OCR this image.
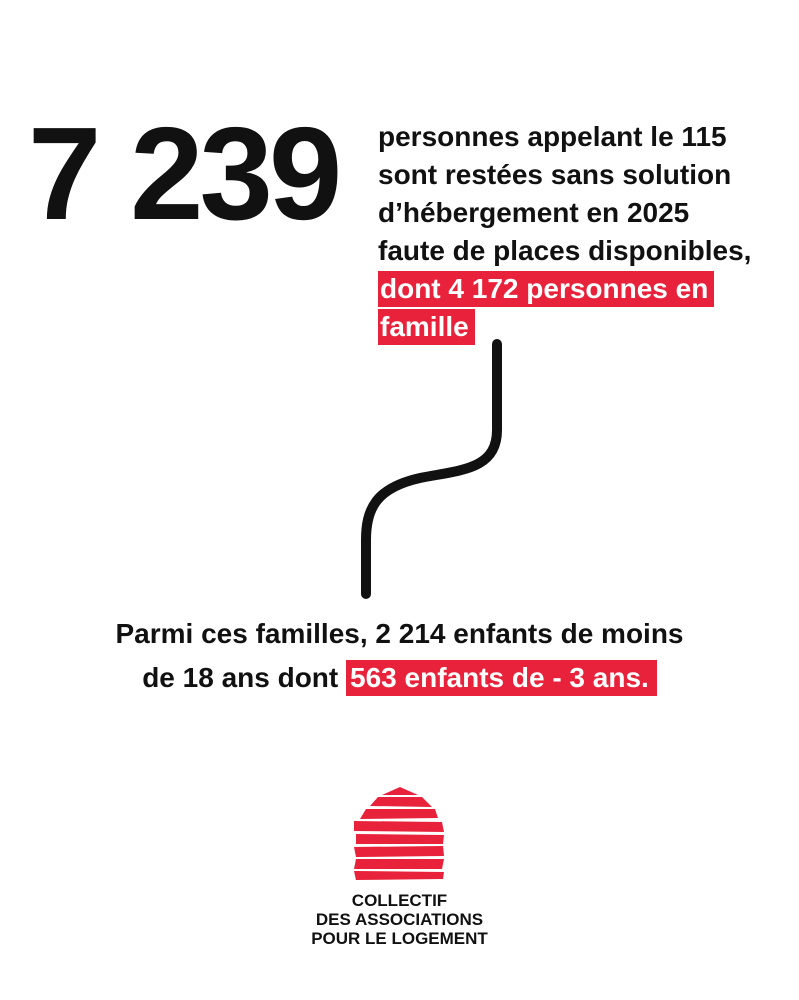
7 239 personnes appelant le 115
sont restées sans solution
d’hébergement en 2025
faute de places disponibles,
dont 4 172 personnes en
famille
Parmi ces familles, 2 214 enfants de moins
de 18 ans dont 563 enfants de - 3 ans.
COLLECTIF
DES ASSOCIATIONS
POUR LE LOGEMENT
